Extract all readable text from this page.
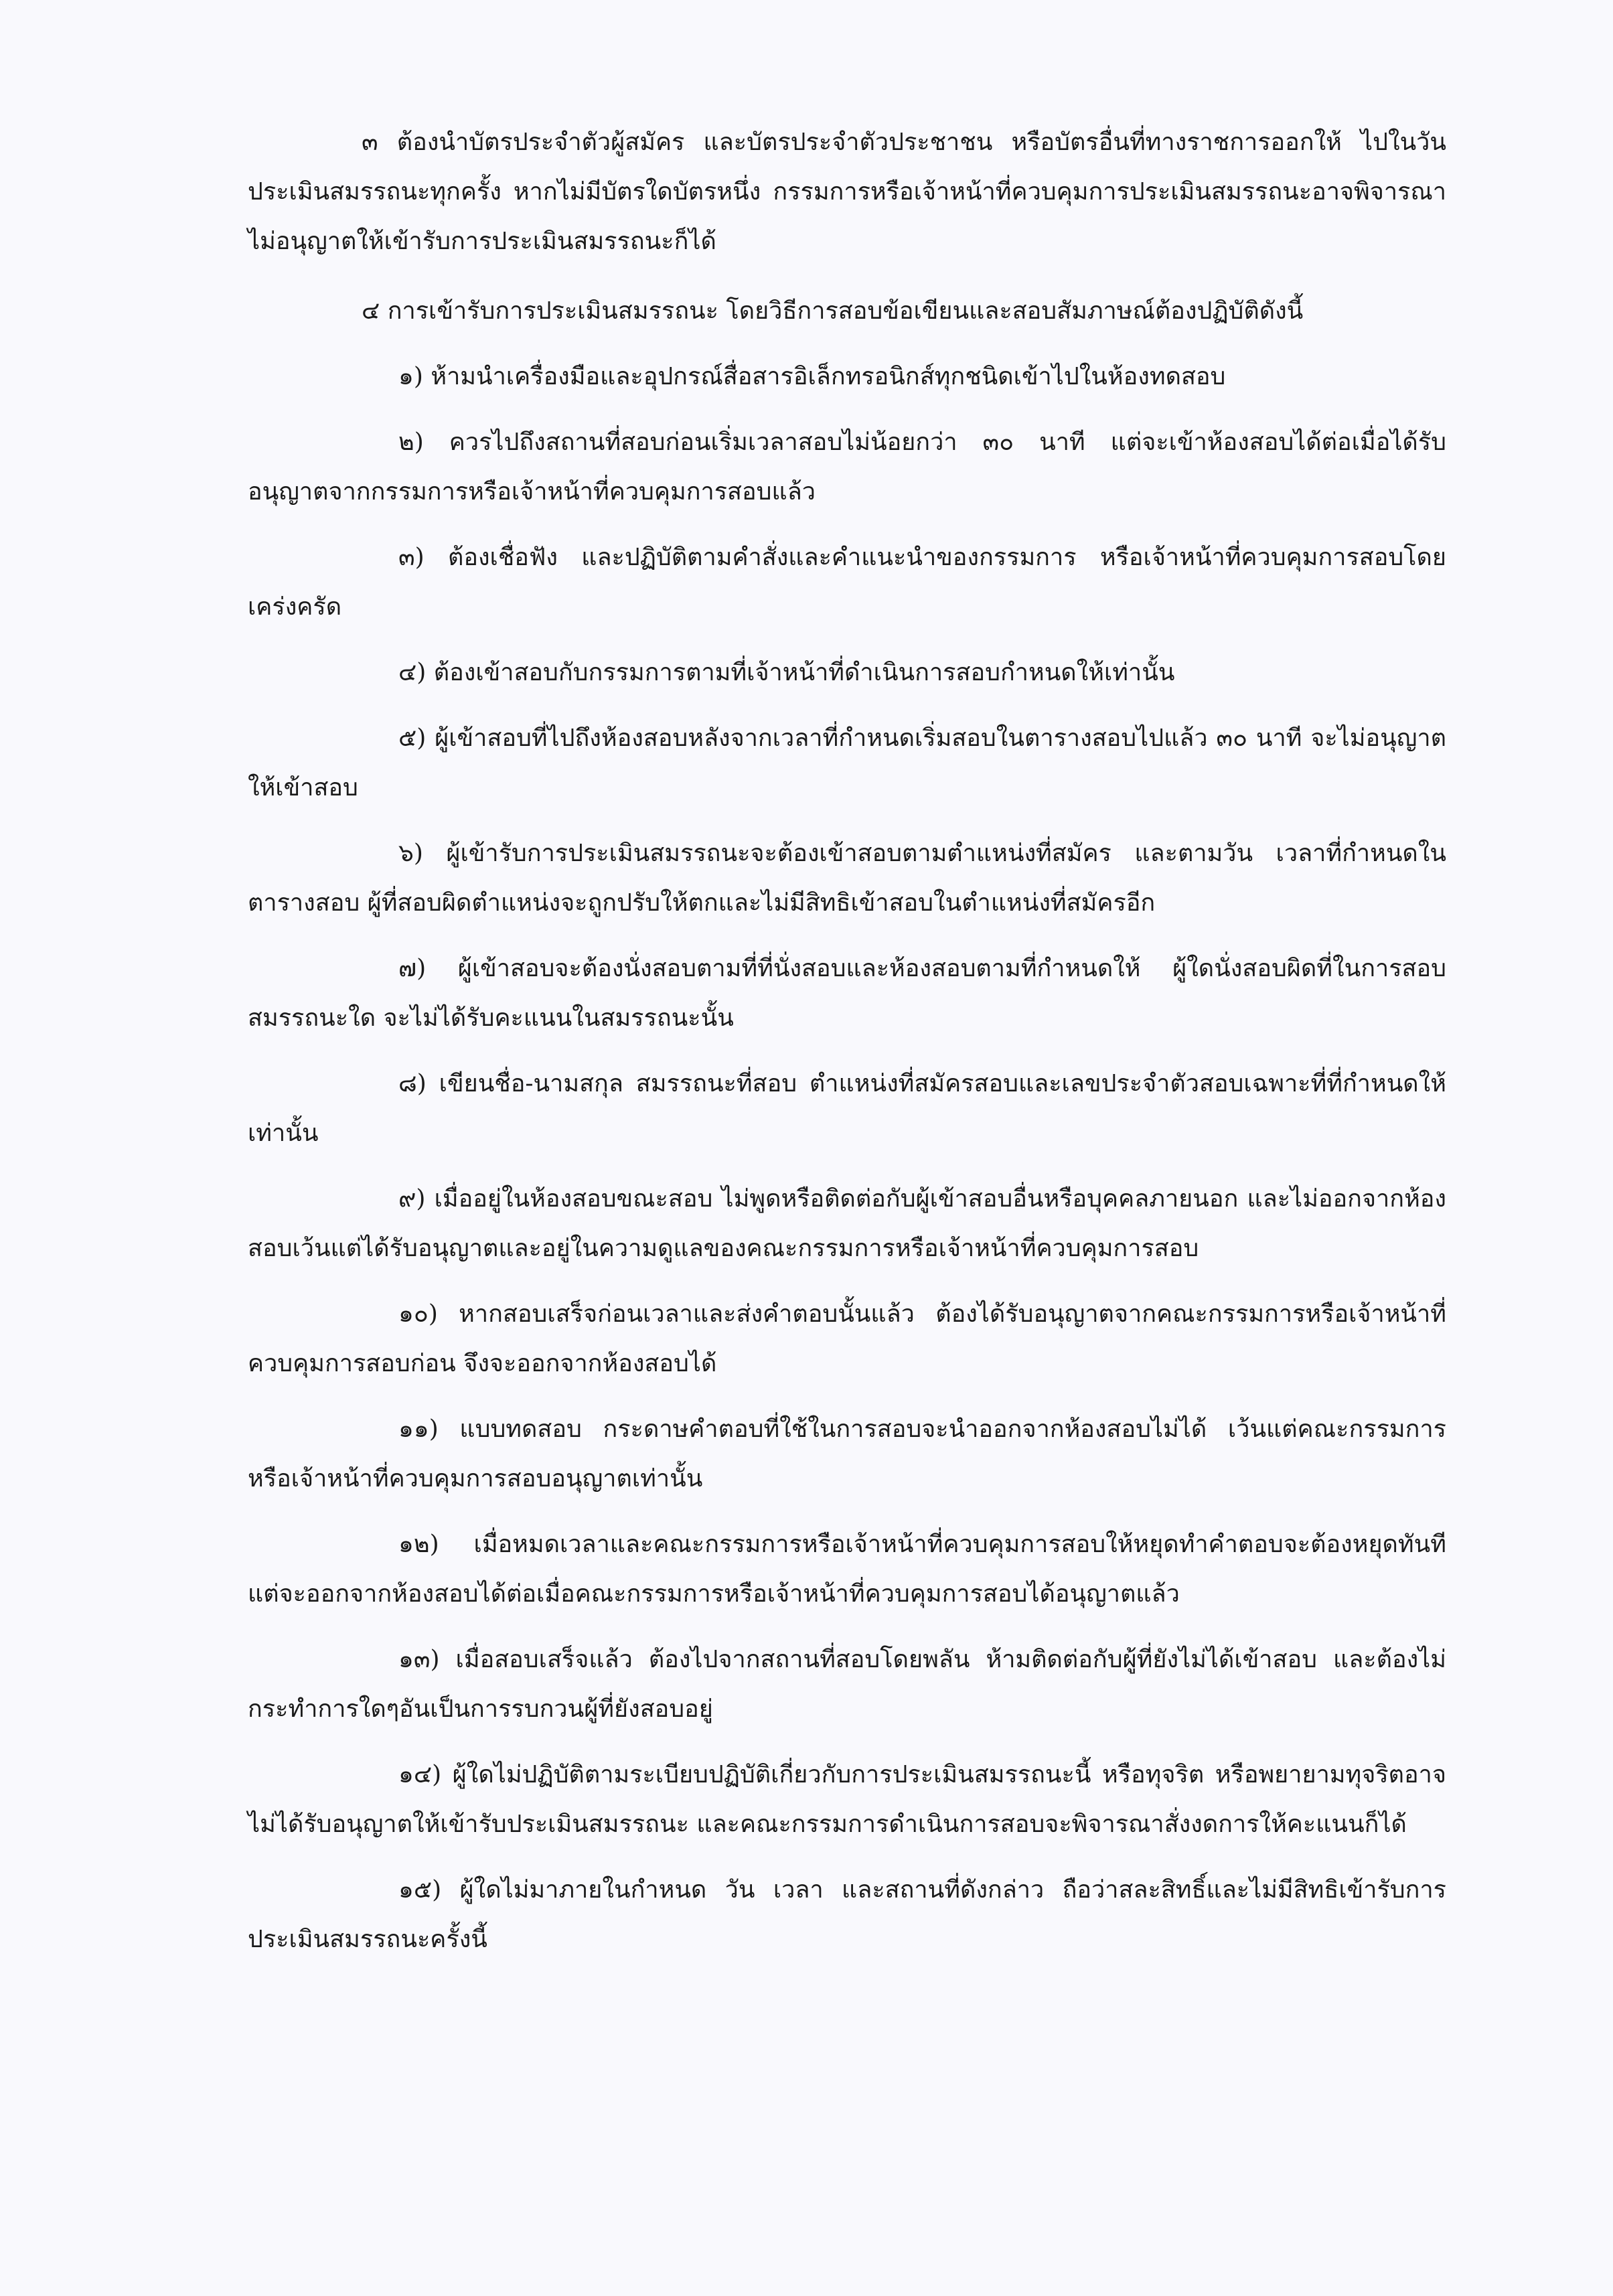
๓ ต้องนำบัตรประจำตัวผู้สมัคร และบัตรประจำตัวประชาชน หรือบัตรอื่นที่ทางราชการออกให้ ไปในวันประเมินสมรรถนะทุกครั้ง หากไม่มีบัตรใดบัตรหนึ่ง กรรมการหรือเจ้าหน้าที่ควบคุมการประเมินสมรรถนะอาจพิจารณาไม่อนุญาตให้เข้ารับการประเมินสมรรถนะก็ได้

๔ การเข้ารับการประเมินสมรรถนะ โดยวิธีการสอบข้อเขียนและสอบสัมภาษณ์ต้องปฏิบัติดังนี้

๑) ห้ามนำเครื่องมือและอุปกรณ์สื่อสารอิเล็กทรอนิกส์ทุกชนิดเข้าไปในห้องทดสอบ

๒) ควรไปถึงสถานที่สอบก่อนเริ่มเวลาสอบไม่น้อยกว่า ๓๐ นาที แต่จะเข้าห้องสอบได้ต่อเมื่อได้รับอนุญาตจากกรรมการหรือเจ้าหน้าที่ควบคุมการสอบแล้ว

๓) ต้องเชื่อฟัง และปฏิบัติตามคำสั่งและคำแนะนำของกรรมการ หรือเจ้าหน้าที่ควบคุมการสอบโดยเคร่งครัด

๔) ต้องเข้าสอบกับกรรมการตามที่เจ้าหน้าที่ดำเนินการสอบกำหนดให้เท่านั้น

๕) ผู้เข้าสอบที่ไปถึงห้องสอบหลังจากเวลาที่กำหนดเริ่มสอบในตารางสอบไปแล้ว ๓๐ นาที จะไม่อนุญาตให้เข้าสอบ

๖) ผู้เข้ารับการประเมินสมรรถนะจะต้องเข้าสอบตามตำแหน่งที่สมัคร และตามวัน เวลาที่กำหนดในตารางสอบ ผู้ที่สอบผิดตำแหน่งจะถูกปรับให้ตกและไม่มีสิทธิเข้าสอบในตำแหน่งที่สมัครอีก

๗) ผู้เข้าสอบจะต้องนั่งสอบตามที่ที่นั่งสอบและห้องสอบตามที่กำหนดให้ ผู้ใดนั่งสอบผิดที่ในการสอบสมรรถนะใด จะไม่ได้รับคะแนนในสมรรถนะนั้น

๘) เขียนชื่อ-นามสกุล สมรรถนะที่สอบ ตำแหน่งที่สมัครสอบและเลขประจำตัวสอบเฉพาะที่ที่กำหนดให้เท่านั้น

๙) เมื่ออยู่ในห้องสอบขณะสอบ ไม่พูดหรือติดต่อกับผู้เข้าสอบอื่นหรือบุคคลภายนอก และไม่ออกจากห้องสอบเว้นแต่ได้รับอนุญาตและอยู่ในความดูแลของคณะกรรมการหรือเจ้าหน้าที่ควบคุมการสอบ

๑๐) หากสอบเสร็จก่อนเวลาและส่งคำตอบนั้นแล้ว ต้องได้รับอนุญาตจากคณะกรรมการหรือเจ้าหน้าที่ควบคุมการสอบก่อน จึงจะออกจากห้องสอบได้

๑๑) แบบทดสอบ กระดาษคำตอบที่ใช้ในการสอบจะนำออกจากห้องสอบไม่ได้ เว้นแต่คณะกรรมการหรือเจ้าหน้าที่ควบคุมการสอบอนุญาตเท่านั้น

๑๒) เมื่อหมดเวลาและคณะกรรมการหรือเจ้าหน้าที่ควบคุมการสอบให้หยุดทำคำตอบจะต้องหยุดทันทีแต่จะออกจากห้องสอบได้ต่อเมื่อคณะกรรมการหรือเจ้าหน้าที่ควบคุมการสอบได้อนุญาตแล้ว

๑๓) เมื่อสอบเสร็จแล้ว ต้องไปจากสถานที่สอบโดยพลัน ห้ามติดต่อกับผู้ที่ยังไม่ได้เข้าสอบ และต้องไม่กระทำการใดๆอันเป็นการรบกวนผู้ที่ยังสอบอยู่

๑๔) ผู้ใดไม่ปฏิบัติตามระเบียบปฏิบัติเกี่ยวกับการประเมินสมรรถนะนี้ หรือทุจริต หรือพยายามทุจริตอาจไม่ได้รับอนุญาตให้เข้ารับประเมินสมรรถนะ และคณะกรรมการดำเนินการสอบจะพิจารณาสั่งงดการให้คะแนนก็ได้

๑๕) ผู้ใดไม่มาภายในกำหนด วัน เวลา และสถานที่ดังกล่าว ถือว่าสละสิทธิ์และไม่มีสิทธิเข้ารับการประเมินสมรรถนะครั้งนี้
